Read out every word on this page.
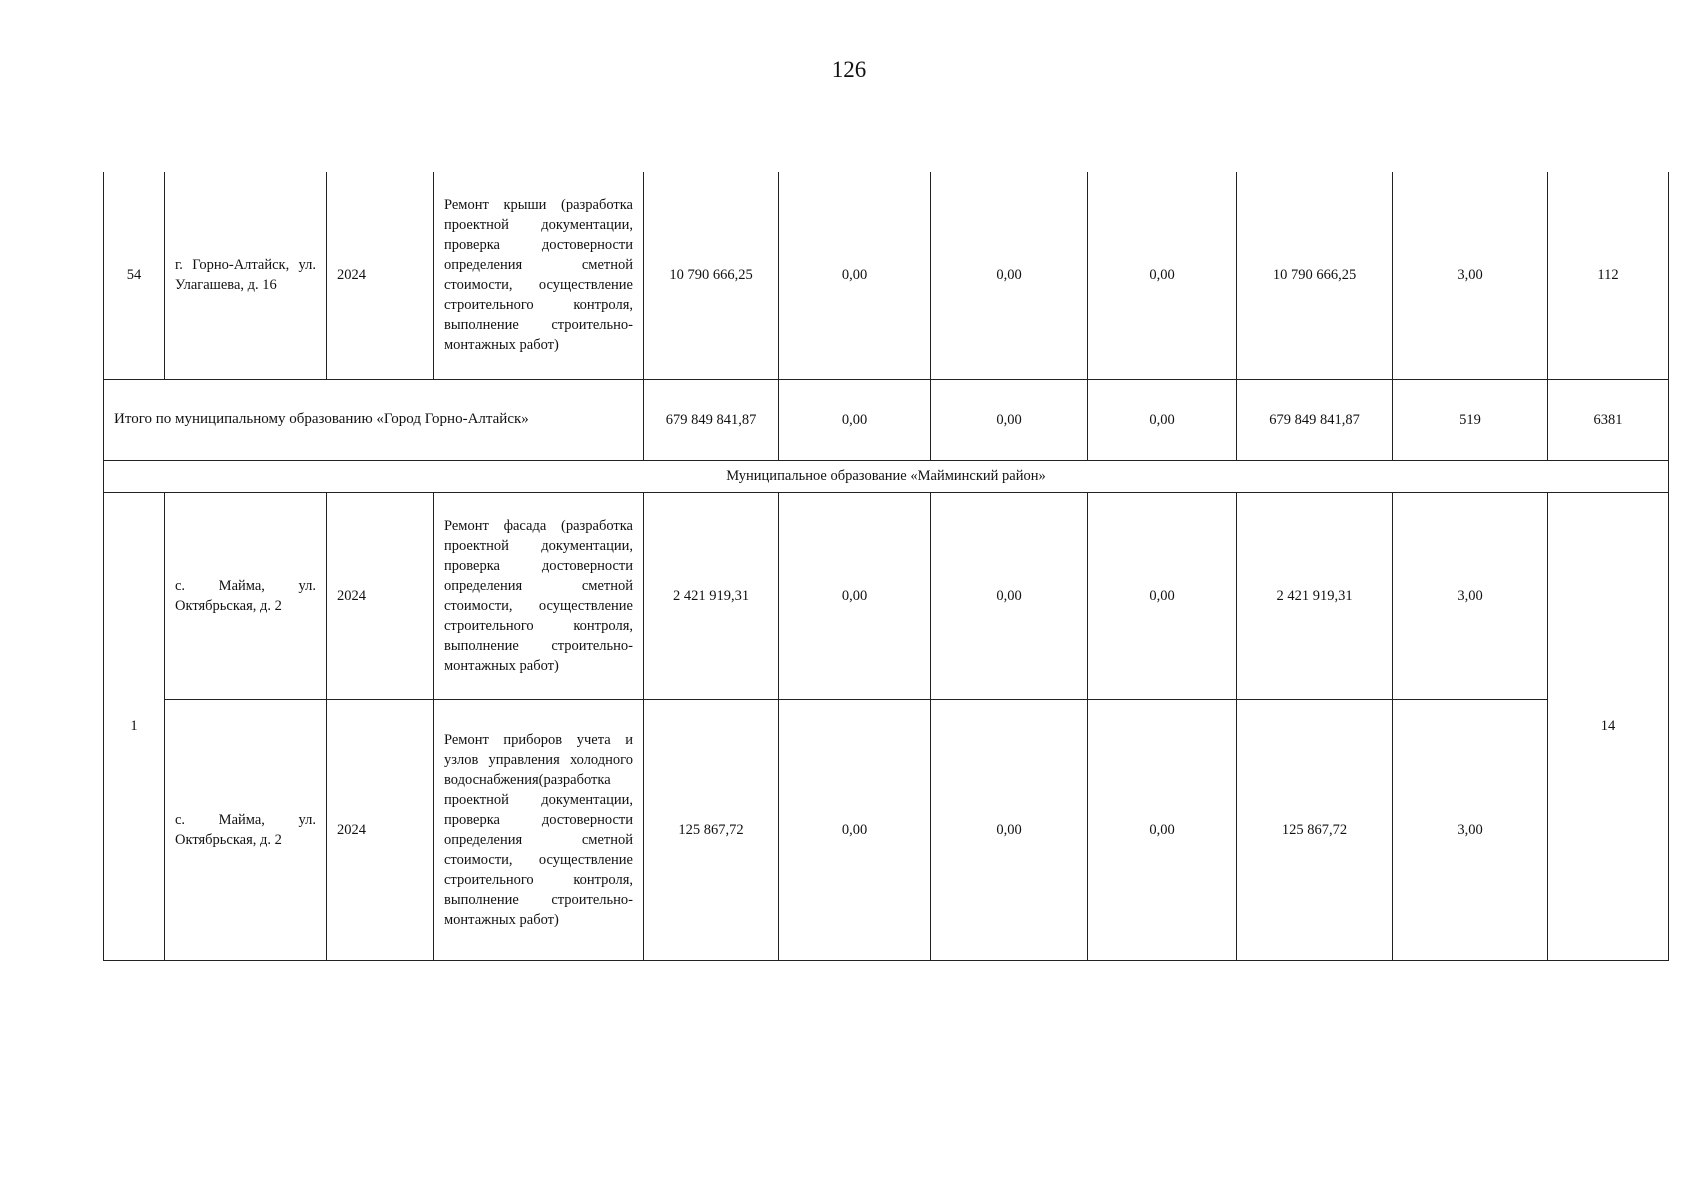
126
54	г. Горно-Алтайск, ул. Улагашева, д. 16	2024	Ремонт крыши (разработка проектной документации, проверка достоверности определения сметной стоимости, осуществление строительного контроля, выполнение строительно-монтажных работ)	10 790 666,25	0,00	0,00	0,00	10 790 666,25	3,00	112
Итого по муниципальному образованию «Город Горно-Алтайск»				679 849 841,87	0,00	0,00	0,00	679 849 841,87	519	6381
Муниципальное образование «Майминский район»										
1	с. Майма, ул. Октябрьская, д. 2	2024	Ремонт фасада (разработка проектной документации, проверка достоверности определения сметной стоимости, осуществление строительного контроля, выполнение строительно-монтажных работ)	2 421 919,31	0,00	0,00	0,00	2 421 919,31	3,00	14
	с. Майма, ул. Октябрьская, д. 2	2024	Ремонт приборов учета и узлов управления холодного водоснабжения(разработка проектной документации, проверка достоверности определения сметной стоимости, осуществление строительного контроля, выполнение строительно-монтажных работ)	125 867,72	0,00	0,00	0,00	125 867,72	3,00	
